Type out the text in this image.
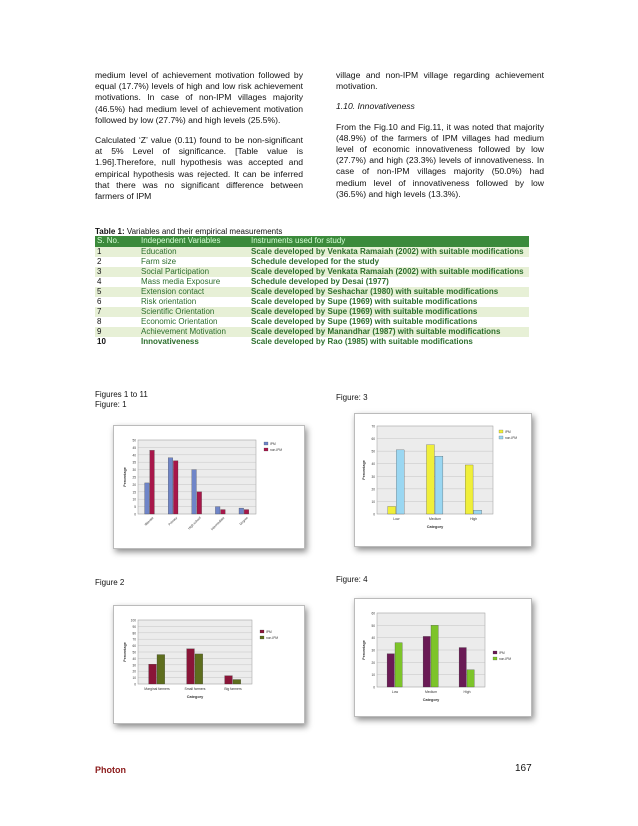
medium level of achievement motivation followed by equal (17.7%) levels of high and low risk achievement motivations. In case of non-IPM villages majority (46.5%) had medium level of achievement motivation followed by low (27.7%) and high levels (25.5%).

Calculated ‘Z’ value (0.11) found to be non-significant at 5% Level of significance. [Table value is 1.96].Therefore, null hypothesis was accepted and empirical hypothesis was rejected. It can be inferred that there was no significant difference between farmers of IPM

village and non-IPM village regarding achievement motivation.

1.10. Innovativeness

From the Fig.10 and Fig.11, it was noted that majority (48.9%) of the farmers of IPM villages had medium level of economic innovativeness followed by low (27.7%) and high (23.3%) levels of innovativeness. In case of non-IPM villages majority (50.0%) had medium level of innovativeness followed by low (36.5%) and high levels (13.3%).

Table 1: Variables and their empirical measurements
S. No.	Independent Variables	Instruments used for study
1	Education	Scale developed by Venkata Ramaiah (2002) with suitable modifications
2	Farm size	Schedule developed for the study
3	Social Participation	Scale developed by Venkata Ramaiah (2002) with suitable modifications
4	Mass media Exposure	Schedule developed by Desai (1977)
5	Extension contact	Scale developed by Seshachar (1980) with suitable modifications
6	Risk orientation	Scale developed by Supe (1969) with suitable modifications
7	Scientific Orientation	Scale developed by Supe (1969) with suitable modifications
8	Economic Orientation	Scale developed by Supe (1969) with suitable modifications
9	Achievement Motivation	Scale developed by Manandhar (1987) with suitable modifications
10	Innovativeness	Scale developed by Rao (1985) with suitable modifications
Figures 1 to 11
Figure: 1
Figure: 3
Figure 2	Figure: 4
0
5
10
15
20
25
30
35
40
45
50
Percentage
Illiterate	Primary	High school	Intermediate	Degree
IPM
non-IPM
0
10
20
30
40
50
60
70
Percentage
Low	Medium	High
Category
IPM
non-IPM
0
10
20
30
40
50
60
70
80
90
100
Percentage
Marginal farmers	Small farmers	Big farmers
Category
IPM
non-IPM
0
10
20
30
40
50
60
Percentage
Low	Medium	High
Category
IPM
non-IPM
Photon	167
